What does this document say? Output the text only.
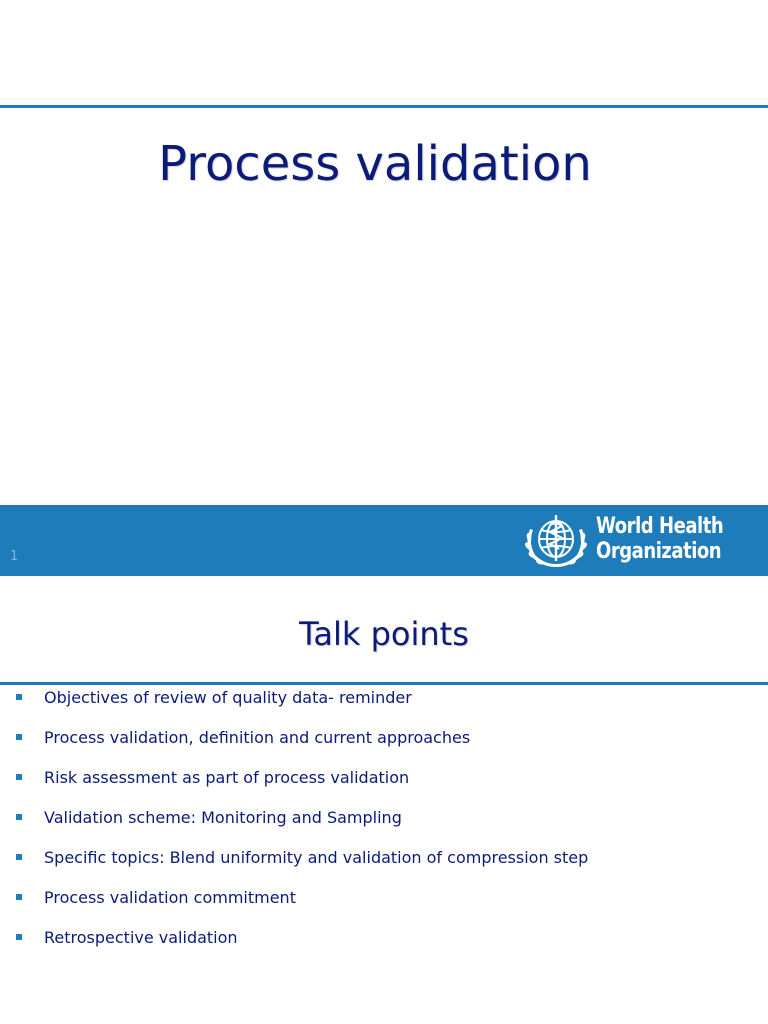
Process validation
1
World Health
Organization
Talk points
Objectives of review of quality data- reminder
Process validation, definition and current approaches
Risk assessment as part of process validation
Validation scheme: Monitoring and Sampling
Specific topics: Blend uniformity and validation of compression step
Process validation commitment
Retrospective validation
